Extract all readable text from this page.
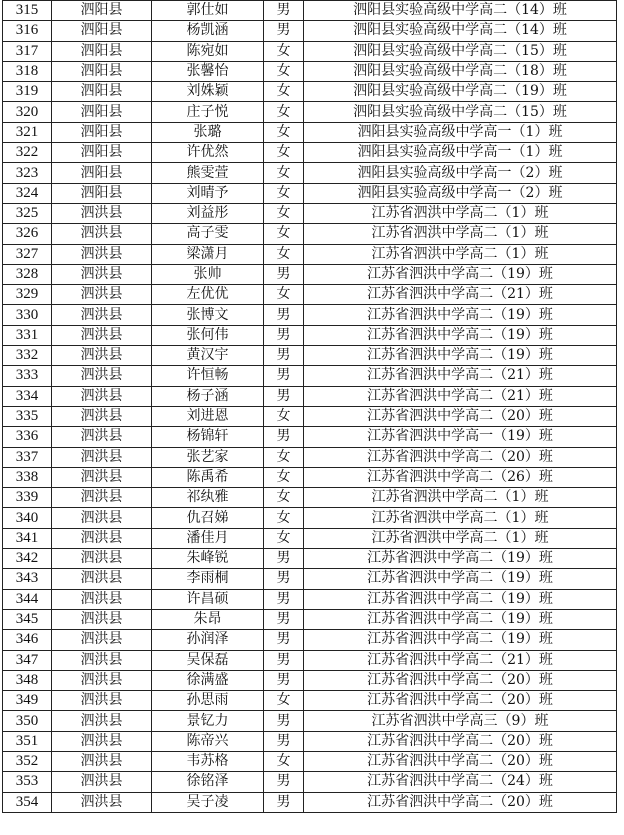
315	泗阳县	郭仕如	男	泗阳县实验高级中学高二（14）班
316	泗阳县	杨凯涵	男	泗阳县实验高级中学高二（14）班
317	泗阳县	陈宛如	女	泗阳县实验高级中学高二（15）班
318	泗阳县	张馨怡	女	泗阳县实验高级中学高二（18）班
319	泗阳县	刘姝颖	女	泗阳县实验高级中学高二（19）班
320	泗阳县	庄子悦	女	泗阳县实验高级中学高二（15）班
321	泗阳县	张璐	女	泗阳县实验高级中学高一（1）班
322	泗阳县	许优然	女	泗阳县实验高级中学高一（1）班
323	泗阳县	熊雯萱	女	泗阳县实验高级中学高一（2）班
324	泗阳县	刘晴予	女	泗阳县实验高级中学高一（2）班
325	泗洪县	刘益彤	女	江苏省泗洪中学高二（1）班
326	泗洪县	高子雯	女	江苏省泗洪中学高二（1）班
327	泗洪县	梁潇月	女	江苏省泗洪中学高二（1）班
328	泗洪县	张帅	男	江苏省泗洪中学高二（19）班
329	泗洪县	左优优	女	江苏省泗洪中学高二（21）班
330	泗洪县	张博文	男	江苏省泗洪中学高二（19）班
331	泗洪县	张何伟	男	江苏省泗洪中学高二（19）班
332	泗洪县	黄汉宇	男	江苏省泗洪中学高二（19）班
333	泗洪县	许恒畅	男	江苏省泗洪中学高二（21）班
334	泗洪县	杨子涵	男	江苏省泗洪中学高二（21）班
335	泗洪县	刘进恩	女	江苏省泗洪中学高二（20）班
336	泗洪县	杨锦轩	男	江苏省泗洪中学高一（19）班
337	泗洪县	张艺家	女	江苏省泗洪中学高二（20）班
338	泗洪县	陈禹希	女	江苏省泗洪中学高二（26）班
339	泗洪县	祁纨雅	女	江苏省泗洪中学高二（1）班
340	泗洪县	仇召娣	女	江苏省泗洪中学高二（1）班
341	泗洪县	潘佳月	女	江苏省泗洪中学高二（1）班
342	泗洪县	朱峰锐	男	江苏省泗洪中学高二（19）班
343	泗洪县	李雨桐	男	江苏省泗洪中学高二（19）班
344	泗洪县	许昌硕	男	江苏省泗洪中学高二（19）班
345	泗洪县	朱昂	男	江苏省泗洪中学高二（19）班
346	泗洪县	孙润泽	男	江苏省泗洪中学高二（19）班
347	泗洪县	吴保磊	男	江苏省泗洪中学高二（21）班
348	泗洪县	徐满盛	男	江苏省泗洪中学高二（20）班
349	泗洪县	孙思雨	女	江苏省泗洪中学高二（20）班
350	泗洪县	景钇力	男	江苏省泗洪中学高三（9）班
351	泗洪县	陈帝兴	男	江苏省泗洪中学高二（20）班
352	泗洪县	韦苏格	女	江苏省泗洪中学高二（20）班
353	泗洪县	徐铭泽	男	江苏省泗洪中学高二（24）班
354	泗洪县	吴子凌	男	江苏省泗洪中学高二（20）班
